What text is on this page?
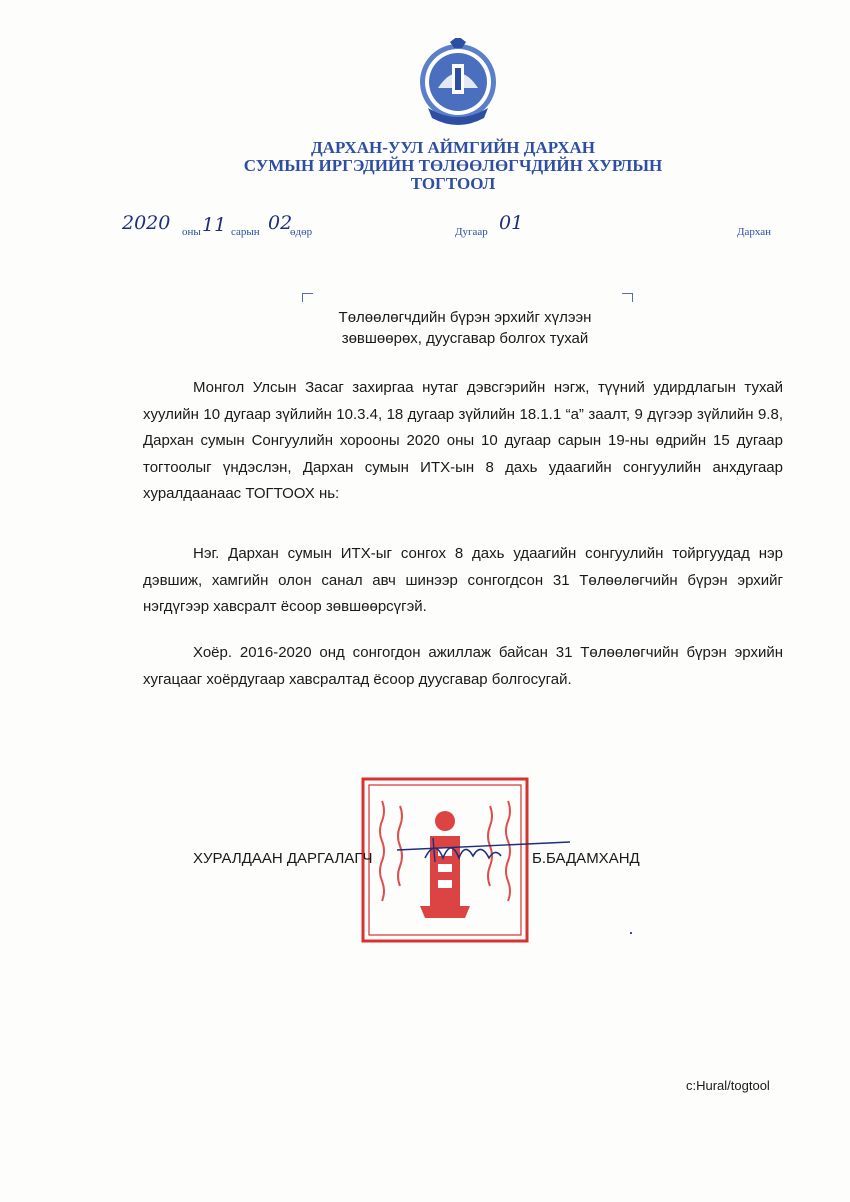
ДАРХАН-УУЛ АЙМГИЙН ДАРХАН
СУМЫН ИРГЭДИЙН ТӨЛӨӨЛӨГЧДИЙН ХУРЛЫН
ТОГТООЛ
2020 оны 11 сарын 02
өдөр	Дугаар 01	Дархан
Төлөөлөгчдийн бүрэн эрхийг хүлээн
зөвшөөрөх, дуусгавар болгох тухай
Монгол Улсын Засаг захиргаа нутаг дэвсгэрийн нэгж, түүний удирдлагын тухай хуулийн 10 дугаар зүйлийн 10.3.4, 18 дугаар зүйлийн 18.1.1 “а” заалт, 9 дүгээр зүйлийн 9.8, Дархан сумын Сонгуулийн хорооны 2020 оны 10 дугаар сарын 19-ны өдрийн 15 дугаар тогтоолыг үндэслэн, Дархан сумын ИТХ-ын 8 дахь удаагийн сонгуулийн анхдугаар хуралдаанаас ТОГТООХ нь:
Нэг. Дархан сумын ИТХ-ыг сонгох 8 дахь удаагийн сонгуулийн тойргуудад нэр дэвшиж, хамгийн олон санал авч шинээр сонгогдсон 31 Төлөөлөгчийн бүрэн эрхийг нэгдүгээр хавсралт ёсоор зөвшөөрсүгэй.
Хоёр. 2016-2020 онд сонгогдон ажиллаж байсан 31 Төлөөлөгчийн бүрэн эрхийн хугацааг хоёрдугаар хавсралтад ёсоор дуусгавар болгосугай.
ХУРАЛДААН ДАРГАЛАГЧ	Б.БАДАМХАНД
c:Hural/togtool
